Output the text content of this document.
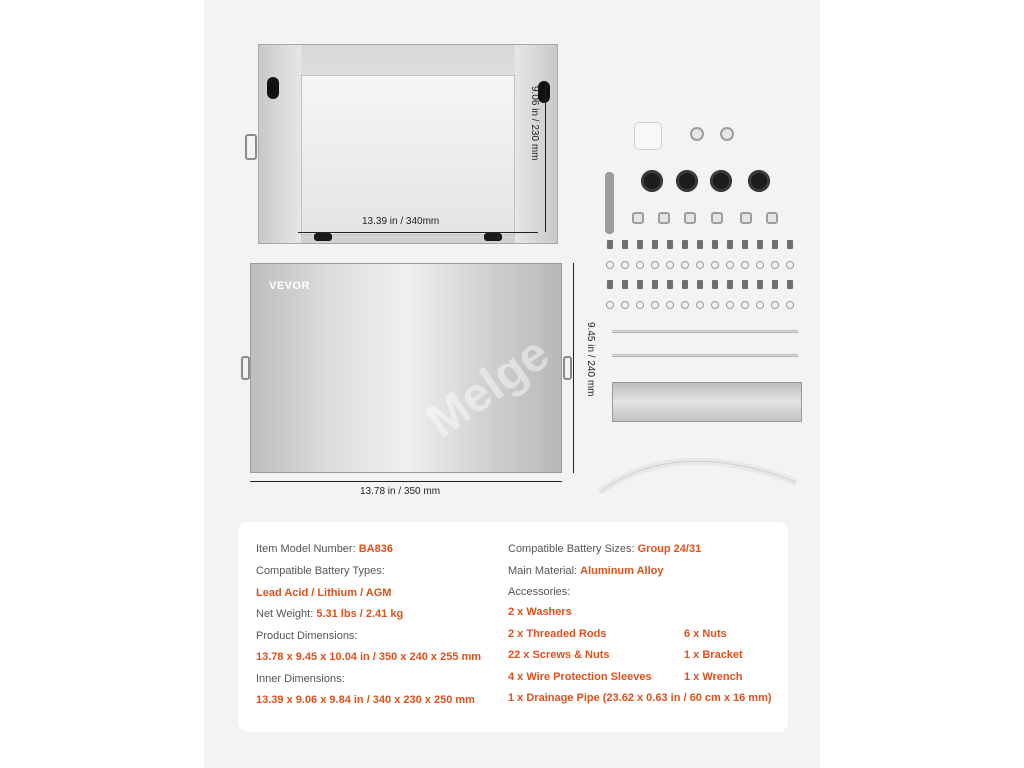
13.39 in / 340mm
9.06 in / 230 mm
VEVOR
Melge
13.78 in / 350 mm
9.45 in / 240 mm
Item Model Number: BA836
Compatible Battery Types:
Lead Acid / Lithium / AGM
Net Weight: 5.31 lbs / 2.41 kg
Product Dimensions:
13.78 x 9.45 x 10.04 in / 350 x 240 x 255 mm
Inner Dimensions:
13.39 x 9.06 x 9.84 in / 340 x 230 x 250 mm
Compatible Battery Sizes: Group 24/31
Main Material: Aluminum Alloy
Accessories:
2 x Washers
2 x Threaded Rods	6 x Nuts
22 x Screws & Nuts	1 x Bracket
4 x Wire Protection Sleeves	1 x Wrench
1 x Drainage Pipe (23.62 x 0.63 in / 60 cm x 16 mm)
